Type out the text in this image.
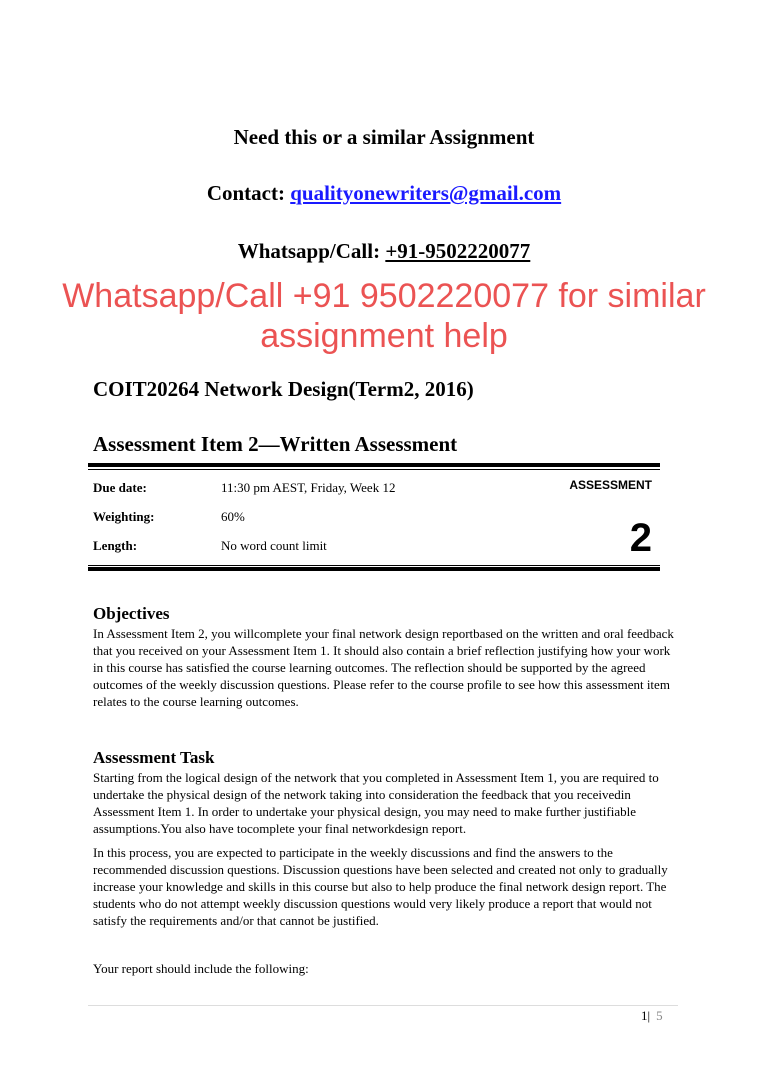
Need this or a similar Assignment
Contact: qualityonewriters@gmail.com
Whatsapp/Call: +91-9502220077
Whatsapp/Call +91 9502220077 for similar assignment help
COIT20264 Network Design(Term2, 2016)
Assessment Item 2—Written Assessment
Due date:	11:30 pm AEST, Friday, Week 12
Weighting:	60%
Length:	No word count limit
ASSESSMENT
2
Objectives

In Assessment Item 2, you willcomplete your final network design reportbased on the written and oral feedback that you received on your Assessment Item 1. It should also contain a brief reflection justifying how your work in this course has satisfied the course learning outcomes. The reflection should be supported by the agreed outcomes of the weekly discussion questions. Please refer to the course profile to see how this assessment item relates to the course learning outcomes.

Assessment Task

Starting from the logical design of the network that you completed in Assessment Item 1, you are required to undertake the physical design of the network taking into consideration the feedback that you receivedin Assessment Item 1. In order to undertake your physical design, you may need to make further justifiable assumptions.You also have tocomplete your final networkdesign report.

In this process, you are expected to participate in the weekly discussions and find the answers to the recommended discussion questions. Discussion questions have been selected and created not only to gradually increase your knowledge and skills in this course but also to help produce the final network design report. The students who do not attempt weekly discussion questions would very likely produce a report that would not satisfy the requirements and/or that cannot be justified.

Your report should include the following:

1| 5
